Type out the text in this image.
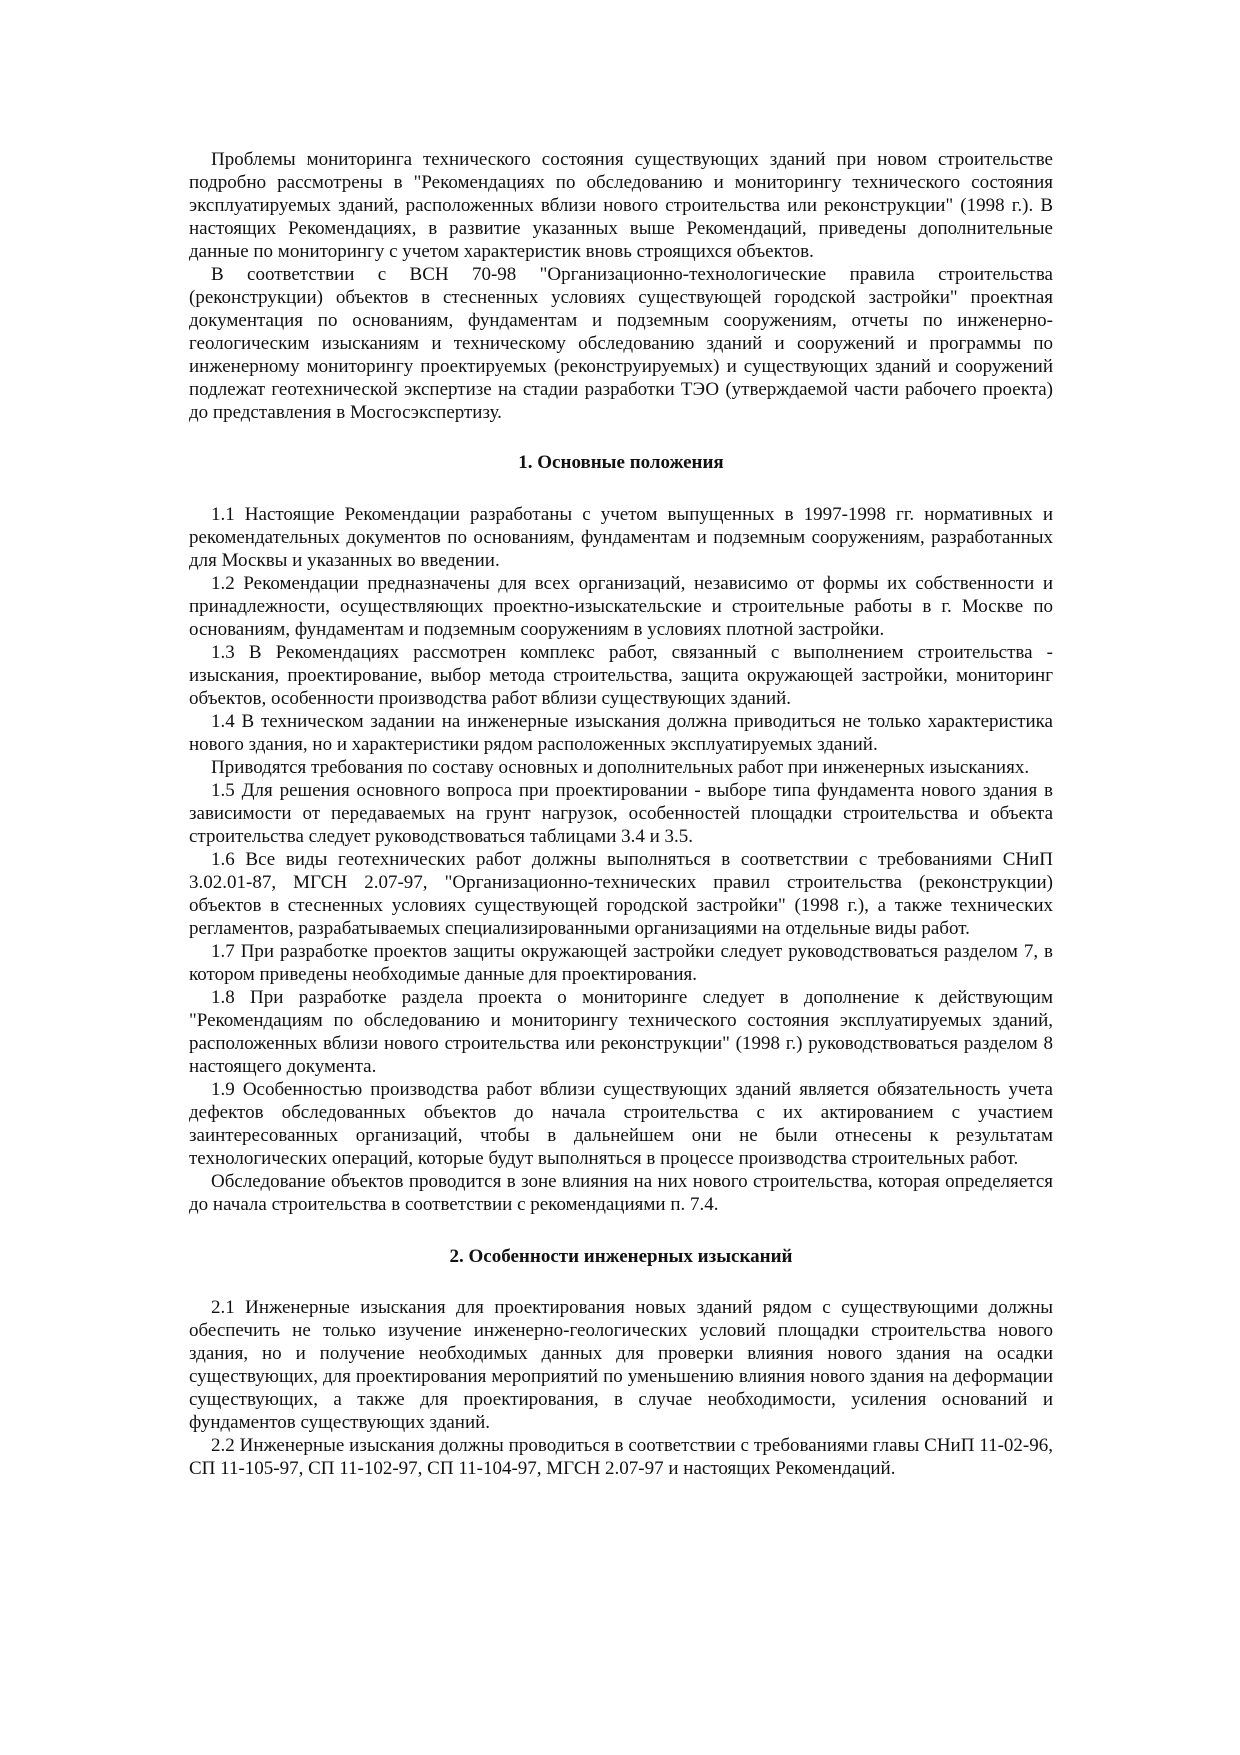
Проблемы мониторинга технического состояния существующих зданий при новом строительстве подробно рассмотрены в "Рекомендациях по обследованию и мониторингу технического состояния эксплуатируемых зданий, расположенных вблизи нового строительства или реконструкции" (1998 г.). В настоящих Рекомендациях, в развитие указанных выше Рекомендаций, приведены дополнительные данные по мониторингу с учетом характеристик вновь строящихся объектов.

В соответствии с ВСН 70-98 "Организационно-технологические правила строительства (реконструкции) объектов в стесненных условиях существующей городской застройки" проектная документация по основаниям, фундаментам и подземным сооружениям, отчеты по инженерно-геологическим изысканиям и техническому обследованию зданий и сооружений и программы по инженерному мониторингу проектируемых (реконструируемых) и существующих зданий и сооружений подлежат геотехнической экспертизе на стадии разработки ТЭО (утверждаемой части рабочего проекта) до представления в Мосгосэкспертизу.

1. Основные положения

1.1 Настоящие Рекомендации разработаны с учетом выпущенных в 1997-1998 гг. нормативных и рекомендательных документов по основаниям, фундаментам и подземным сооружениям, разработанных для Москвы и указанных во введении.

1.2 Рекомендации предназначены для всех организаций, независимо от формы их собственности и принадлежности, осуществляющих проектно-изыскательские и строительные работы в г. Москве по основаниям, фундаментам и подземным сооружениям в условиях плотной застройки.

1.3 В Рекомендациях рассмотрен комплекс работ, связанный с выполнением строительства - изыскания, проектирование, выбор метода строительства, защита окружающей застройки, мониторинг объектов, особенности производства работ вблизи существующих зданий.

1.4 В техническом задании на инженерные изыскания должна приводиться не только характеристика нового здания, но и характеристики рядом расположенных эксплуатируемых зданий.

Приводятся требования по составу основных и дополнительных работ при инженерных изысканиях.

1.5 Для решения основного вопроса при проектировании - выборе типа фундамента нового здания в зависимости от передаваемых на грунт нагрузок, особенностей площадки строительства и объекта строительства следует руководствоваться таблицами 3.4 и 3.5.

1.6 Все виды геотехнических работ должны выполняться в соответствии с требованиями СНиП 3.02.01-87, МГСН 2.07-97, "Организационно-технических правил строительства (реконструкции) объектов в стесненных условиях существующей городской застройки" (1998 г.), а также технических регламентов, разрабатываемых специализированными организациями на отдельные виды работ.

1.7 При разработке проектов защиты окружающей застройки следует руководствоваться разделом 7, в котором приведены необходимые данные для проектирования.

1.8 При разработке раздела проекта о мониторинге следует в дополнение к действующим "Рекомендациям по обследованию и мониторингу технического состояния эксплуатируемых зданий, расположенных вблизи нового строительства или реконструкции" (1998 г.) руководствоваться разделом 8 настоящего документа.

1.9 Особенностью производства работ вблизи существующих зданий является обязательность учета дефектов обследованных объектов до начала строительства с их актированием с участием заинтересованных организаций, чтобы в дальнейшем они не были отнесены к результатам технологических операций, которые будут выполняться в процессе производства строительных работ.

Обследование объектов проводится в зоне влияния на них нового строительства, которая определяется до начала строительства в соответствии с рекомендациями п. 7.4.

2. Особенности инженерных изысканий

2.1 Инженерные изыскания для проектирования новых зданий рядом с существующими должны обеспечить не только изучение инженерно-геологических условий площадки строительства нового здания, но и получение необходимых данных для проверки влияния нового здания на осадки существующих, для проектирования мероприятий по уменьшению влияния нового здания на деформации существующих, а также для проектирования, в случае необходимости, усиления оснований и фундаментов существующих зданий.

2.2 Инженерные изыскания должны проводиться в соответствии с требованиями главы СНиП 11-02-96, СП 11-105-97, СП 11-102-97, СП 11-104-97, МГСН 2.07-97 и настоящих Рекомендаций.
